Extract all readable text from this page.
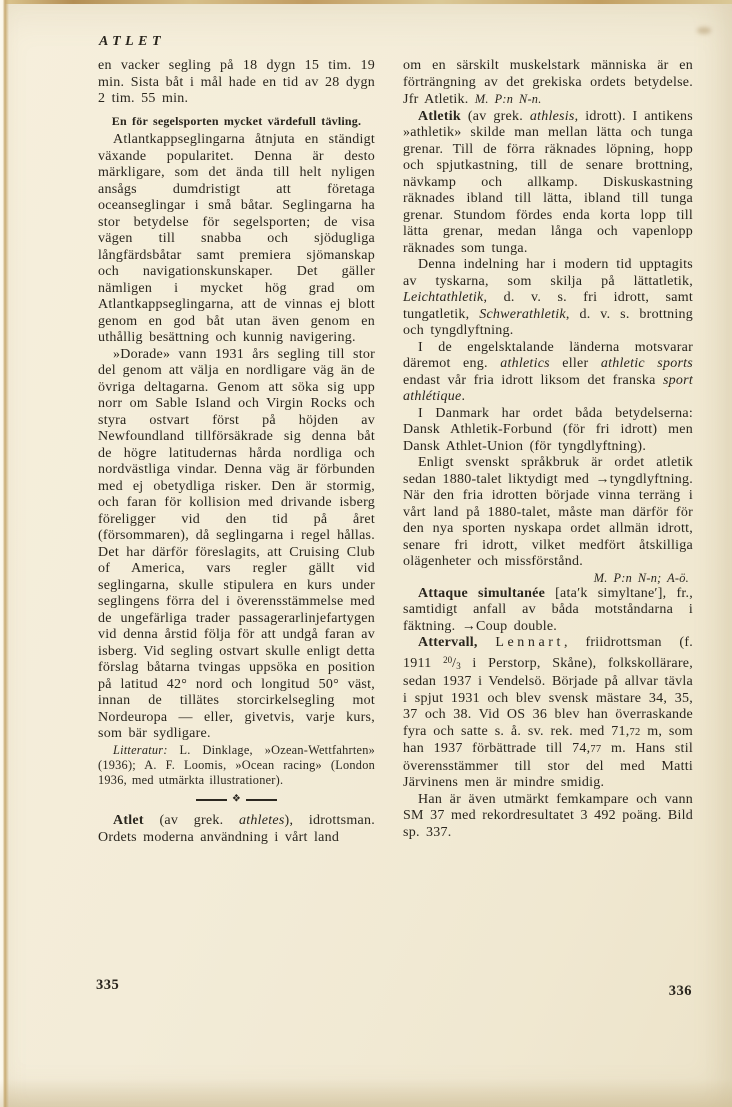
ATLET

en vacker segling på 18 dygn 15 tim. 19 min. Sista båt i mål hade en tid av 28 dygn 2 tim. 55 min.

En för segelsporten mycket värdefull tävling.

Atlantkappseglingarna åtnjuta en ständigt växande popularitet. Denna är desto märkligare, som det ända till helt nyligen ansågs dumdristigt att företaga oceanseglingar i små båtar. Seglingarna ha stor betydelse för segelsporten; de visa vägen till snabba och sjödugliga långfärdsbåtar samt premiera sjömanskap och navigationskunskaper. Det gäller nämligen i mycket hög grad om Atlantkappseglingarna, att de vinnas ej blott genom en god båt utan även genom en uthållig besättning och kunnig navigering.

»Dorade» vann 1931 års segling till stor del genom att välja en nordligare väg än de övriga deltagarna. Genom att söka sig upp norr om Sable Island och Virgin Rocks och styra ostvart först på höjden av Newfoundland tillförsäkrade sig denna båt de högre latitudernas hårda nordliga och nordvästliga vindar. Denna väg är förbunden med ej obetydliga risker. Den är stormig, och faran för kollision med drivande isberg föreligger vid den tid på året (försommaren), då seglingarna i regel hållas. Det har därför föreslagits, att Cruising Club of America, vars regler gällt vid seglingarna, skulle stipulera en kurs under seglingens förra del i överensstämmelse med de ungefärliga trader passagerarlinjefartygen vid denna årstid följa för att undgå faran av isberg. Vid segling ostvart skulle enligt detta förslag båtarna tvingas uppsöka en position på latitud 42° nord och longitud 50° väst, innan de tillätes storcirkelsegling mot Nordeuropa — eller, givetvis, varje kurs, som bär sydligare.

Litteratur: L. Dinklage, »Ozean-Wettfahrten» (1936); A. F. Loomis, »Ocean racing» (London 1936, med utmärkta illustrationer).

❖

Atlet (av grek. athletes), idrottsman. Ordets moderna användning i vårt land

om en särskilt muskelstark människa är en förträngning av det grekiska ordets betydelse. Jfr Atletik. M. P:n N-n.

Atletik (av grek. athlesis, idrott). I antikens »athletik» skilde man mellan lätta och tunga grenar. Till de förra räknades löpning, hopp och spjutkastning, till de senare brottning, nävkamp och allkamp. Diskuskastning räknades ibland till lätta, ibland till tunga grenar. Stundom fördes enda korta lopp till lätta grenar, medan långa och vapenlopp räknades som tunga.

Denna indelning har i modern tid upptagits av tyskarna, som skilja på lättatletik, Leichtathletik, d. v. s. fri idrott, samt tungatletik, Schwerathletik, d. v. s. brottning och tyngdlyftning.

I de engelsktalande länderna motsvarar däremot eng. athletics eller athletic sports endast vår fria idrott liksom det franska sport athlétique.

I Danmark har ordet båda betydelserna: Dansk Athletik-Forbund (för fri idrott) men Dansk Athlet-Union (för tyngdlyftning).

Enligt svenskt språkbruk är ordet atletik sedan 1880-talet liktydigt med →tyngdlyftning. När den fria idrotten började vinna terräng i vårt land på 1880-talet, måste man därför för den nya sporten nyskapa ordet allmän idrott, senare fri idrott, vilket medfört åtskilliga olägenheter och missförstånd.

M. P:n N-n; A-ö.

Attaque simultanée [ata′k simyltane′], fr., samtidigt anfall av båda motståndarna i fäktning. →Coup double.

Attervall, Lennart, friidrottsman (f. 1911 $^{20}$/3 i Perstorp, Skåne), folkskollärare, sedan 1937 i Vendelsö. Började på allvar tävla i spjut 1931 och blev svensk mästare 34, 35, 37 och 38. Vid OS 36 blev han överraskande fyra och satte s. å. sv. rek. med 71,72 m, som han 1937 förbättrade till 74,77 m. Hans stil överensstämmer till stor del med Matti Järvinens men är mindre smidig.

Han är även utmärkt femkampare och vann SM 37 med rekordresultatet 3 492 poäng. Bild sp. 337.

335	336
